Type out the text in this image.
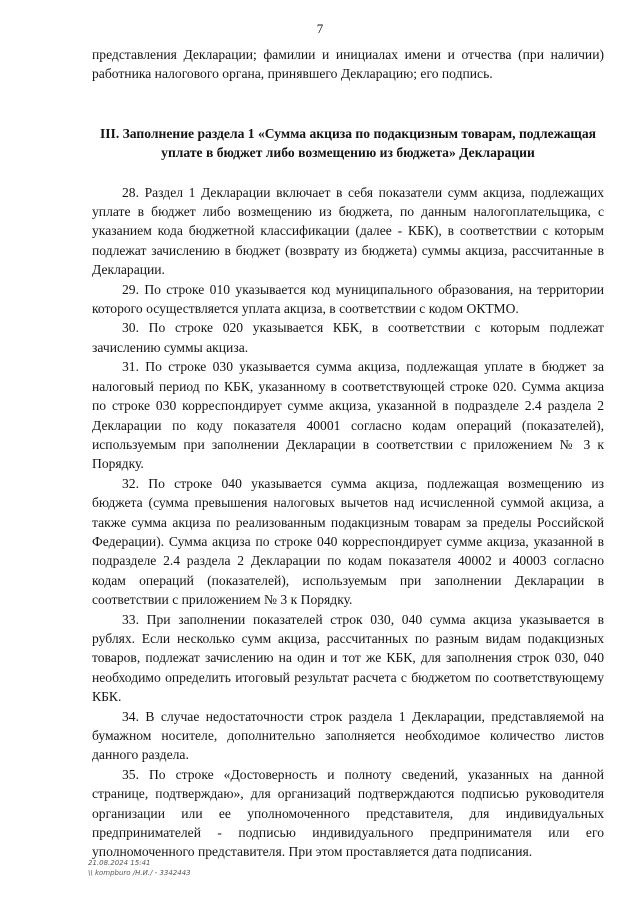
7

представления Декларации; фамилии и инициалах имени и отчества (при наличии) работника налогового органа, принявшего Декларацию; его подпись.

III. Заполнение раздела 1 «Сумма акциза по подакцизным товарам, подлежащая уплате в бюджет либо возмещению из бюджета» Декларации

28. Раздел 1 Декларации включает в себя показатели сумм акциза, подлежащих уплате в бюджет либо возмещению из бюджета, по данным налогоплательщика, с указанием кода бюджетной классификации (далее - КБК), в соответствии с которым подлежат зачислению в бюджет (возврату из бюджета) суммы акциза, рассчитанные в Декларации.

29. По строке 010 указывается код муниципального образования, на территории которого осуществляется уплата акциза, в соответствии с кодом ОКТМО.

30. По строке 020 указывается КБК, в соответствии с которым подлежат зачислению суммы акциза.

31. По строке 030 указывается сумма акциза, подлежащая уплате в бюджет за налоговый период по КБК, указанному в соответствующей строке 020. Сумма акциза по строке 030 корреспондирует сумме акциза, указанной в подразделе 2.4 раздела 2 Декларации по коду показателя 40001 согласно кодам операций (показателей), используемым при заполнении Декларации в соответствии с приложением № 3 к Порядку.

32. По строке 040 указывается сумма акциза, подлежащая возмещению из бюджета (сумма превышения налоговых вычетов над исчисленной суммой акциза, а также сумма акциза по реализованным подакцизным товарам за пределы Российской Федерации). Сумма акциза по строке 040 корреспондирует сумме акциза, указанной в подразделе 2.4 раздела 2 Декларации по кодам показателя 40002 и 40003 согласно кодам операций (показателей), используемым при заполнении Декларации в соответствии с приложением № 3 к Порядку.

33. При заполнении показателей строк 030, 040 сумма акциза указывается в рублях. Если несколько сумм акциза, рассчитанных по разным видам подакцизных товаров, подлежат зачислению на один и тот же КБК, для заполнения строк 030, 040 необходимо определить итоговый результат расчета с бюджетом по соответствующему КБК.

34. В случае недостаточности строк раздела 1 Декларации, представляемой на бумажном носителе, дополнительно заполняется необходимое количество листов данного раздела.

35. По строке «Достоверность и полноту сведений, указанных на данной странице, подтверждаю», для организаций подтверждаются подписью руководителя организации или ее уполномоченного представителя, для индивидуальных предпринимателей - подписью индивидуального предпринимателя или его уполномоченного представителя. При этом проставляется дата подписания.

21.08.2024 15:41
\\ kompburo /Н.И./ - 3342443
